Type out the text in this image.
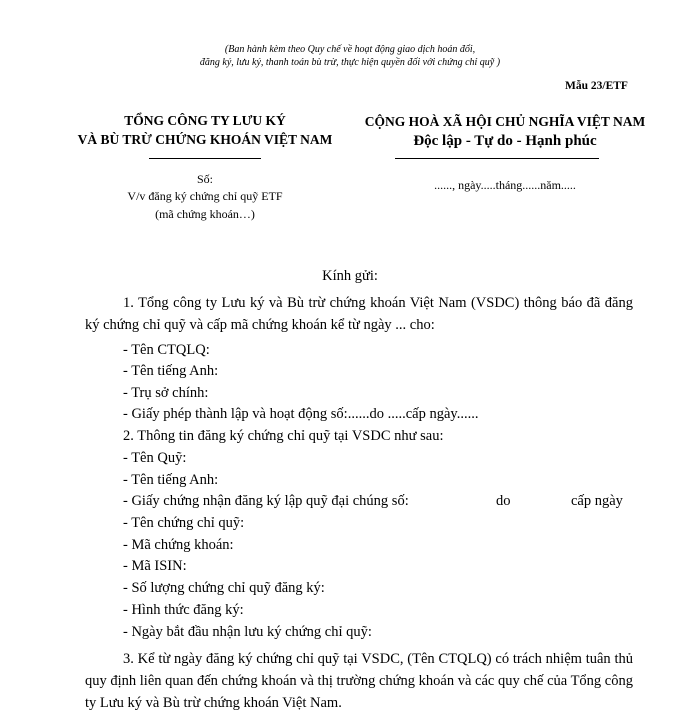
(Ban hành kèm theo Quy chế về hoạt động giao dịch hoán đổi,
đăng ký, lưu ký, thanh toán bù trừ, thực hiện quyền đối với chứng chỉ quỹ )
Mẫu 23/ETF
TỔNG CÔNG TY LƯU KÝ
VÀ BÙ TRỪ CHỨNG KHOÁN VIỆT NAM
Số:
V/v đăng ký chứng chỉ quỹ ETF
(mã chứng khoán…)
CỘNG HOÀ XÃ HỘI CHỦ NGHĨA VIỆT NAM
Độc lập - Tự do - Hạnh phúc
......, ngày.....tháng......năm.....
Kính gửi:
1. Tổng công ty Lưu ký và Bù trừ chứng khoán Việt Nam (VSDC) thông báo đã đăng ký chứng chỉ quỹ và cấp mã chứng khoán kể từ ngày ... cho:
- Tên CTQLQ:
- Tên tiếng Anh:
- Trụ sở chính:
- Giấy phép thành lập và hoạt động số:......do .....cấp ngày......
2. Thông tin đăng ký chứng chỉ quỹ tại VSDC như sau:
- Tên Quỹ:
- Tên tiếng Anh:
- Giấy chứng nhận đăng ký lập quỹ đại chúng số:	do	cấp ngày
- Tên chứng chỉ quỹ:
- Mã chứng khoán:
- Mã ISIN:
- Số lượng chứng chỉ quỹ đăng ký:
- Hình thức đăng ký:
- Ngày bắt đầu nhận lưu ký chứng chỉ quỹ:
3. Kể từ ngày đăng ký chứng chỉ quỹ tại VSDC, (Tên CTQLQ) có trách nhiệm tuân thủ quy định liên quan đến chứng khoán và thị trường chứng khoán và các quy chế của Tổng công ty Lưu ký và Bù trừ chứng khoán Việt Nam.
